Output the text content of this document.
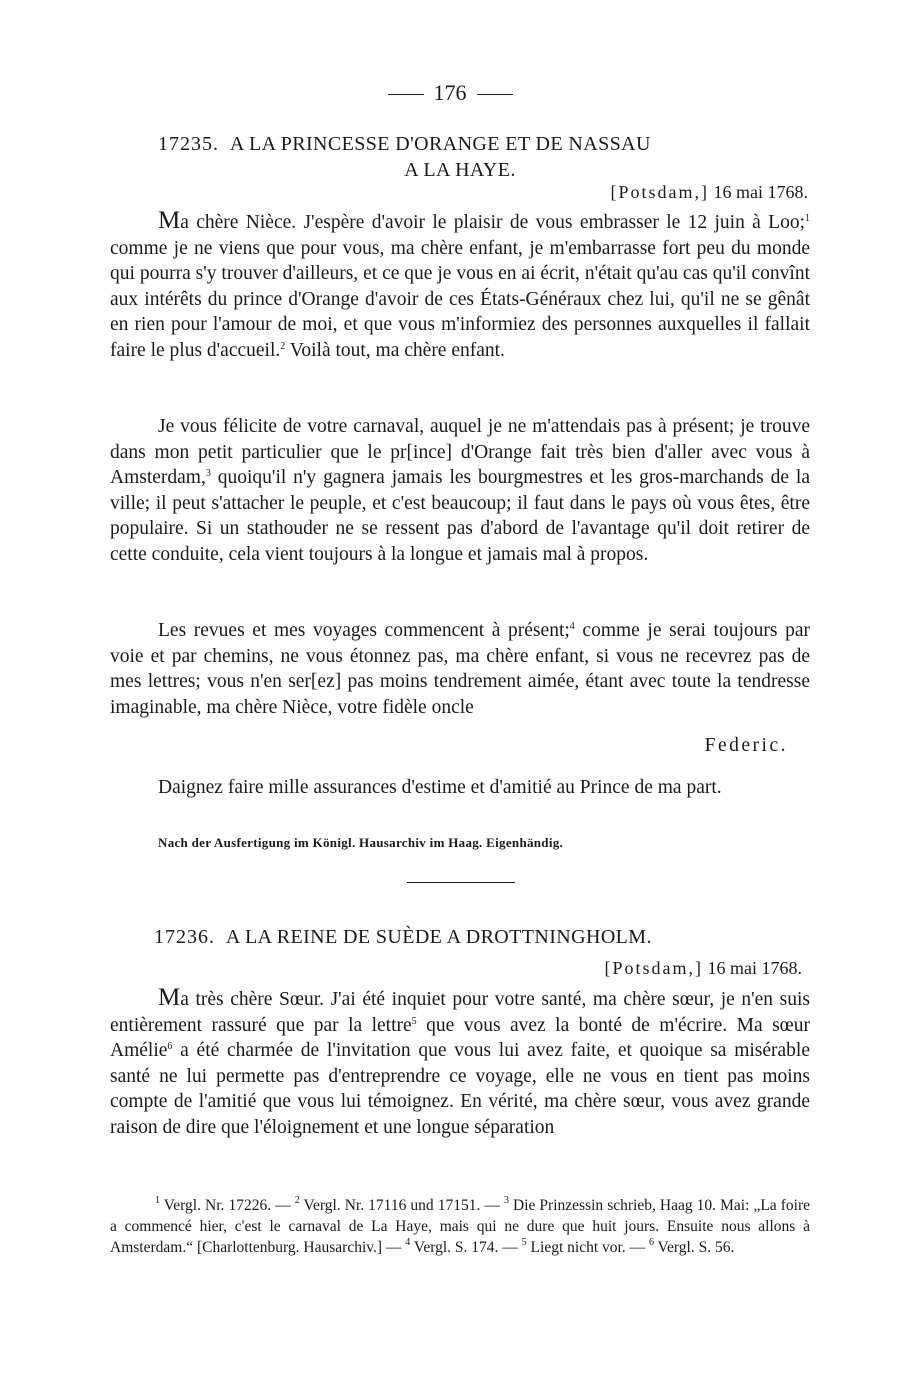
176
17235. A LA PRINCESSE D'ORANGE ET DE NASSAU
A LA HAYE.
[Potsdam,] 16 mai 1768.
Ma chère Nièce. J'espère d'avoir le plaisir de vous embrasser le 12 juin à Loo;$^1$ comme je ne viens que pour vous, ma chère enfant, je m'embarrasse fort peu du monde qui pourra s'y trouver d'ailleurs, et ce que je vous en ai écrit, n'était qu'au cas qu'il convînt aux intérêts du prince d'Orange d'avoir de ces États-Généraux chez lui, qu'il ne se gênât en rien pour l'amour de moi, et que vous m'informiez des personnes auxquelles il fallait faire le plus d'accueil.$^2$ Voilà tout, ma chère enfant.
Je vous félicite de votre carnaval, auquel je ne m'attendais pas à présent; je trouve dans mon petit particulier que le pr[ince] d'Orange fait très bien d'aller avec vous à Amsterdam,$^3$ quoiqu'il n'y gagnera jamais les bourgmestres et les gros-marchands de la ville; il peut s'attacher le peuple, et c'est beaucoup; il faut dans le pays où vous êtes, être populaire. Si un stathouder ne se ressent pas d'abord de l'avantage qu'il doit retirer de cette conduite, cela vient toujours à la longue et jamais mal à propos.
Les revues et mes voyages commencent à présent;$^4$ comme je serai toujours par voie et par chemins, ne vous étonnez pas, ma chère enfant, si vous ne recevrez pas de mes lettres; vous n'en ser[ez] pas moins tendrement aimée, étant avec toute la tendresse imaginable, ma chère Nièce, votre fidèle oncle
Federic.
Daignez faire mille assurances d'estime et d'amitié au Prince de ma part.
Nach der Ausfertigung im Königl. Hausarchiv im Haag. Eigenhändig.
17236. A LA REINE DE SUÈDE A DROTTNINGHOLM.
[Potsdam,] 16 mai 1768.
Ma très chère Sœur. J'ai été inquiet pour votre santé, ma chère sœur, je n'en suis entièrement rassuré que par la lettre$^5$ que vous avez la bonté de m'écrire. Ma sœur Amélie$^6$ a été charmée de l'invitation que vous lui avez faite, et quoique sa misérable santé ne lui permette pas d'entreprendre ce voyage, elle ne vous en tient pas moins compte de l'amitié que vous lui témoignez. En vérité, ma chère sœur, vous avez grande raison de dire que l'éloignement et une longue séparation
$^1$ Vergl. Nr. 17226. — $^2$ Vergl. Nr. 17116 und 17151. — $^3$ Die Prinzessin schrieb, Haag 10. Mai: „La foire a commencé hier, c'est le carnaval de La Haye, mais qui ne dure que huit jours. Ensuite nous allons à Amsterdam.“ [Charlottenburg. Hausarchiv.] — $^4$ Vergl. S. 174. — $^5$ Liegt nicht vor. — $^6$ Vergl. S. 56.
